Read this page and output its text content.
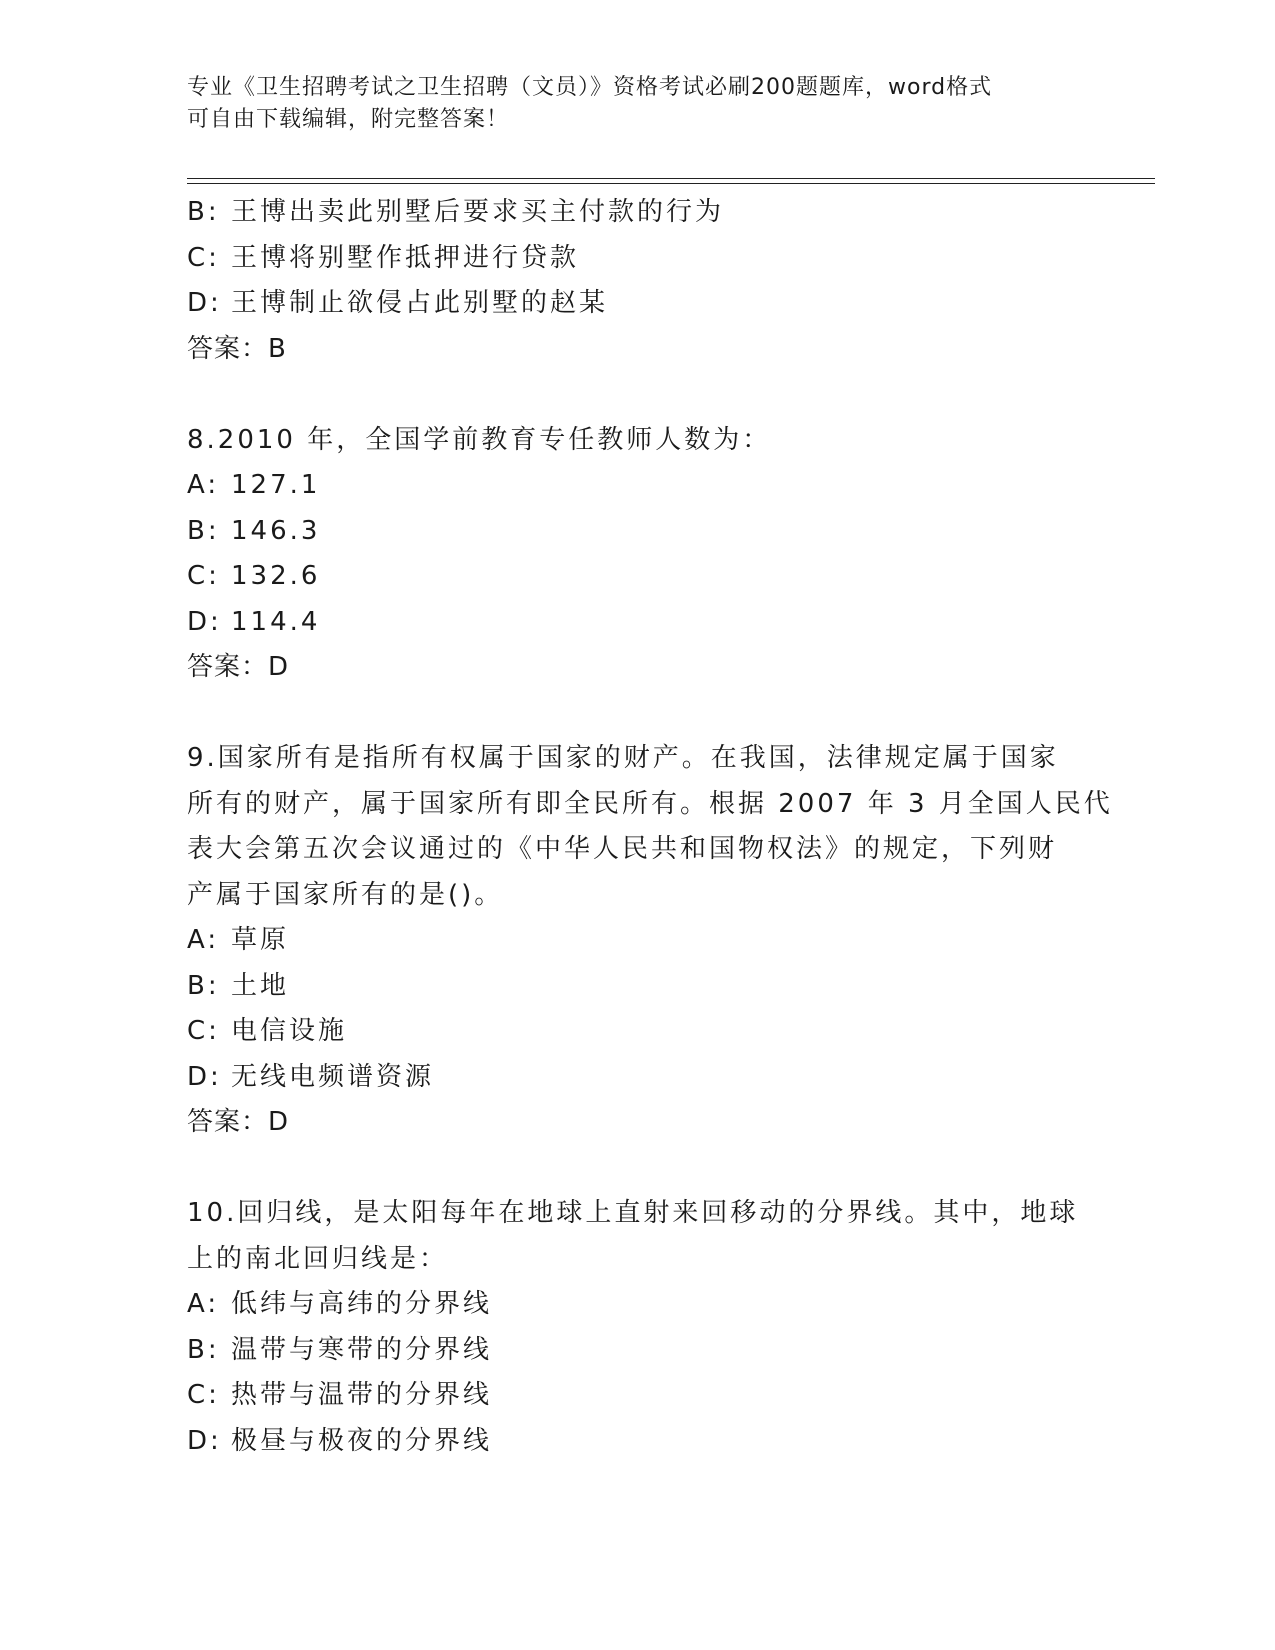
专业《卫生招聘考试之卫生招聘（文员）》资格考试必刷200题题库，word格式
可自由下载编辑，附完整答案！
B: 王博出卖此别墅后要求买主付款的行为
C: 王博将别墅作抵押进行贷款
D: 王博制止欲侵占此别墅的赵某
答案：B
8.2010 年，全国学前教育专任教师人数为：
A: 127.1
B: 146.3
C: 132.6
D: 114.4
答案：D
9.国家所有是指所有权属于国家的财产。在我国，法律规定属于国家
所有的财产，属于国家所有即全民所有。根据 2007 年 3 月全国人民代
表大会第五次会议通过的《中华人民共和国物权法》的规定，下列财
产属于国家所有的是()。
A: 草原
B: 土地
C: 电信设施
D: 无线电频谱资源
答案：D
10.回归线，是太阳每年在地球上直射来回移动的分界线。其中，地球
上的南北回归线是：
A: 低纬与高纬的分界线
B: 温带与寒带的分界线
C: 热带与温带的分界线
D: 极昼与极夜的分界线
